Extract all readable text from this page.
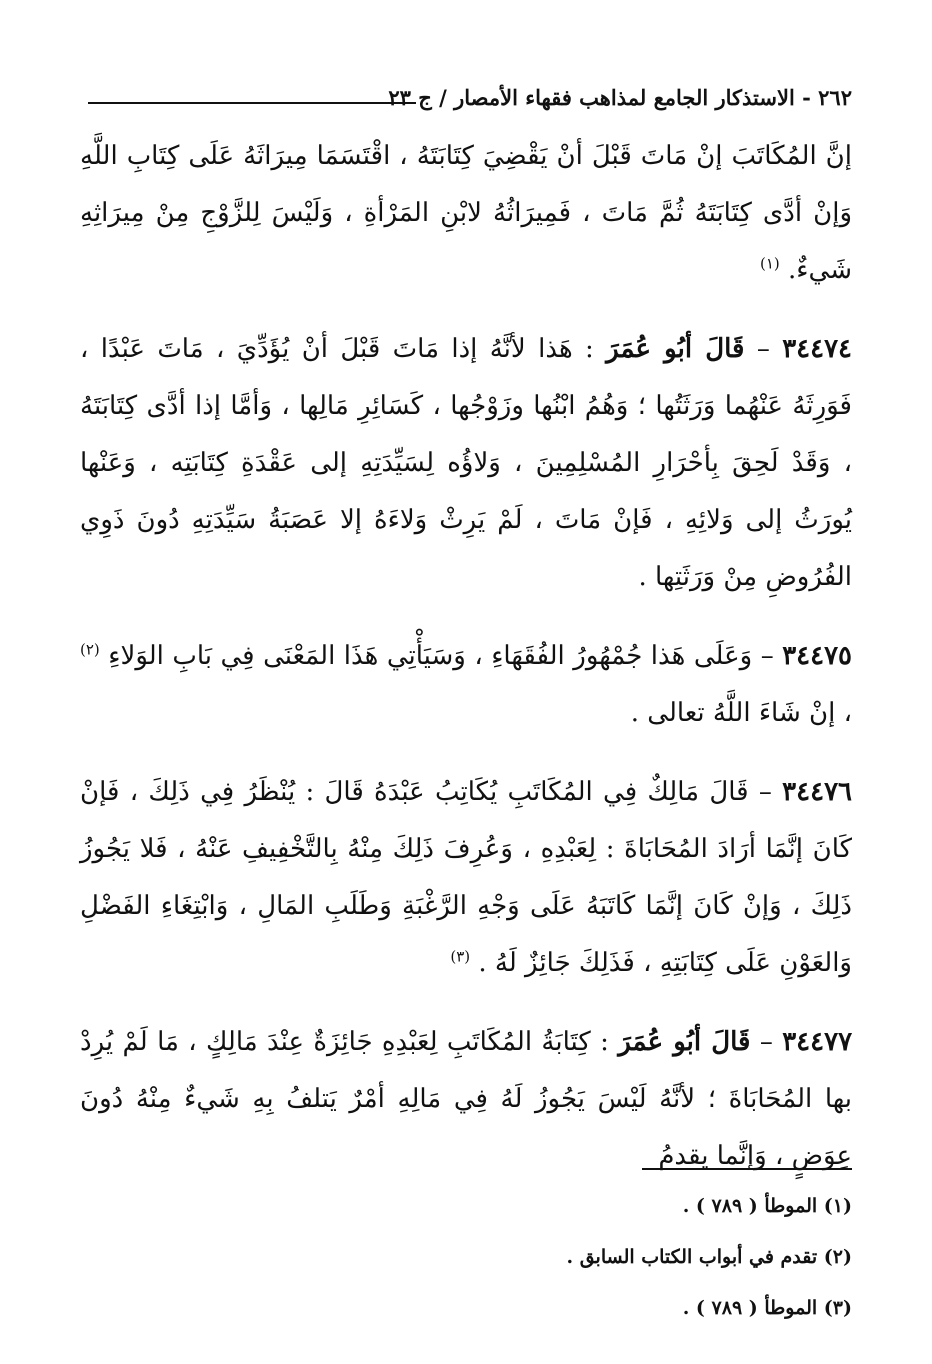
٢٦٢ - الاستذكار الجامع لمذاهب فقهاء الأمصار / ج ٢٣

إنَّ المُكَاتَبَ إنْ مَاتَ قَبْلَ أنْ يَقْضِيَ كِتَابَتَهُ ، اقْتَسَمَا مِيرَاثَهُ عَلَى كِتَابِ اللَّهِ وَإنْ أدَّى كِتَابَتَهُ ثُمَّ مَاتَ ، فَمِيرَاثُهُ لابْنِ المَرْأةِ ، وَلَيْسَ لِلزَّوْجِ مِنْ مِيرَاثِهِ شَيءٌ. $^{(١)}$

٣٤٤٧٤ – قَالَ أبُو عُمَرَ : هَذا لأنَّهُ إذا مَاتَ قَبْلَ أنْ يُؤَدِّيَ ، مَاتَ عَبْدًا ، فَوَرِثَهُ عَنْهُما وَرَثَتُها ؛ وَهُمُ ابْنُها وزَوْجُها ، كَسَائِرِ مَالِها ، وَأمَّا إذا أدَّى كِتَابَتَهُ ، وَقَدْ لَحِقَ بِأحْرَارِ المُسْلِمِينَ ، وَلاؤُه لِسَيِّدَتِهِ إلى عَقْدَةِ كِتَابَتِه ، وَعَنْها يُورَثُ إلى وَلائِهِ ، فَإنْ مَاتَ ، لَمْ يَرِثْ وَلاءَهُ إلا عَصَبَةُ سَيِّدَتِهِ دُونَ ذَوِي الفُرُوضِ مِنْ وَرَثَتِها .

٣٤٤٧٥ – وَعَلَى هَذا جُمْهُورُ الفُقَهَاءِ ، وَسَيَأْتِي هَذَا المَعْنَى فِي بَابِ الوَلاءِ $^{(٢)}$ ، إنْ شَاءَ اللَّهُ تعالى .

٣٤٤٧٦ – قَالَ مَالِكٌ فِي المُكَاتَبِ يُكَاتِبُ عَبْدَهُ قَالَ : يُنْظَرُ فِي ذَلِكَ ، فَإنْ كَانَ إنَّمَا أرَادَ المُحَابَاةَ : لِعَبْدِهِ ، وَعُرِفَ ذَلِكَ مِنْهُ بِالتَّخْفِيفِ عَنْهُ ، فَلا يَجُوزُ ذَلِكَ ، وَإنْ كَانَ إنَّمَا كَاتَبَهُ عَلَى وَجْهِ الرَّغْبَةِ وَطَلَبِ المَالِ ، وَابْتِغَاءِ الفَضْلِ وَالعَوْنِ عَلَى كِتَابَتِهِ ، فَذَلِكَ جَائِزٌ لَهُ . $^{(٣)}$

٣٤٤٧٧ – قَالَ أبُو عُمَرَ : كِتَابَةُ المُكَاتَبِ لِعَبْدِهِ جَائِزَةٌ عِنْدَ مَالِكٍ ، مَا لَمْ يُرِدْ بها المُحَابَاةَ ؛ لأنَّهُ لَيْسَ يَجُوزُ لَهُ فِي مَالِهِ أمْرٌ يَتلفُ بِهِ شَيءٌ مِنْهُ دُونَ عِوَضٍ ، وَإنَّما يقدمُ

(١) الموطأ ( ٧٨٩ ) .
(٢) تقدم في أبواب الكتاب السابق .
(٣) الموطأ ( ٧٨٩ ) .
